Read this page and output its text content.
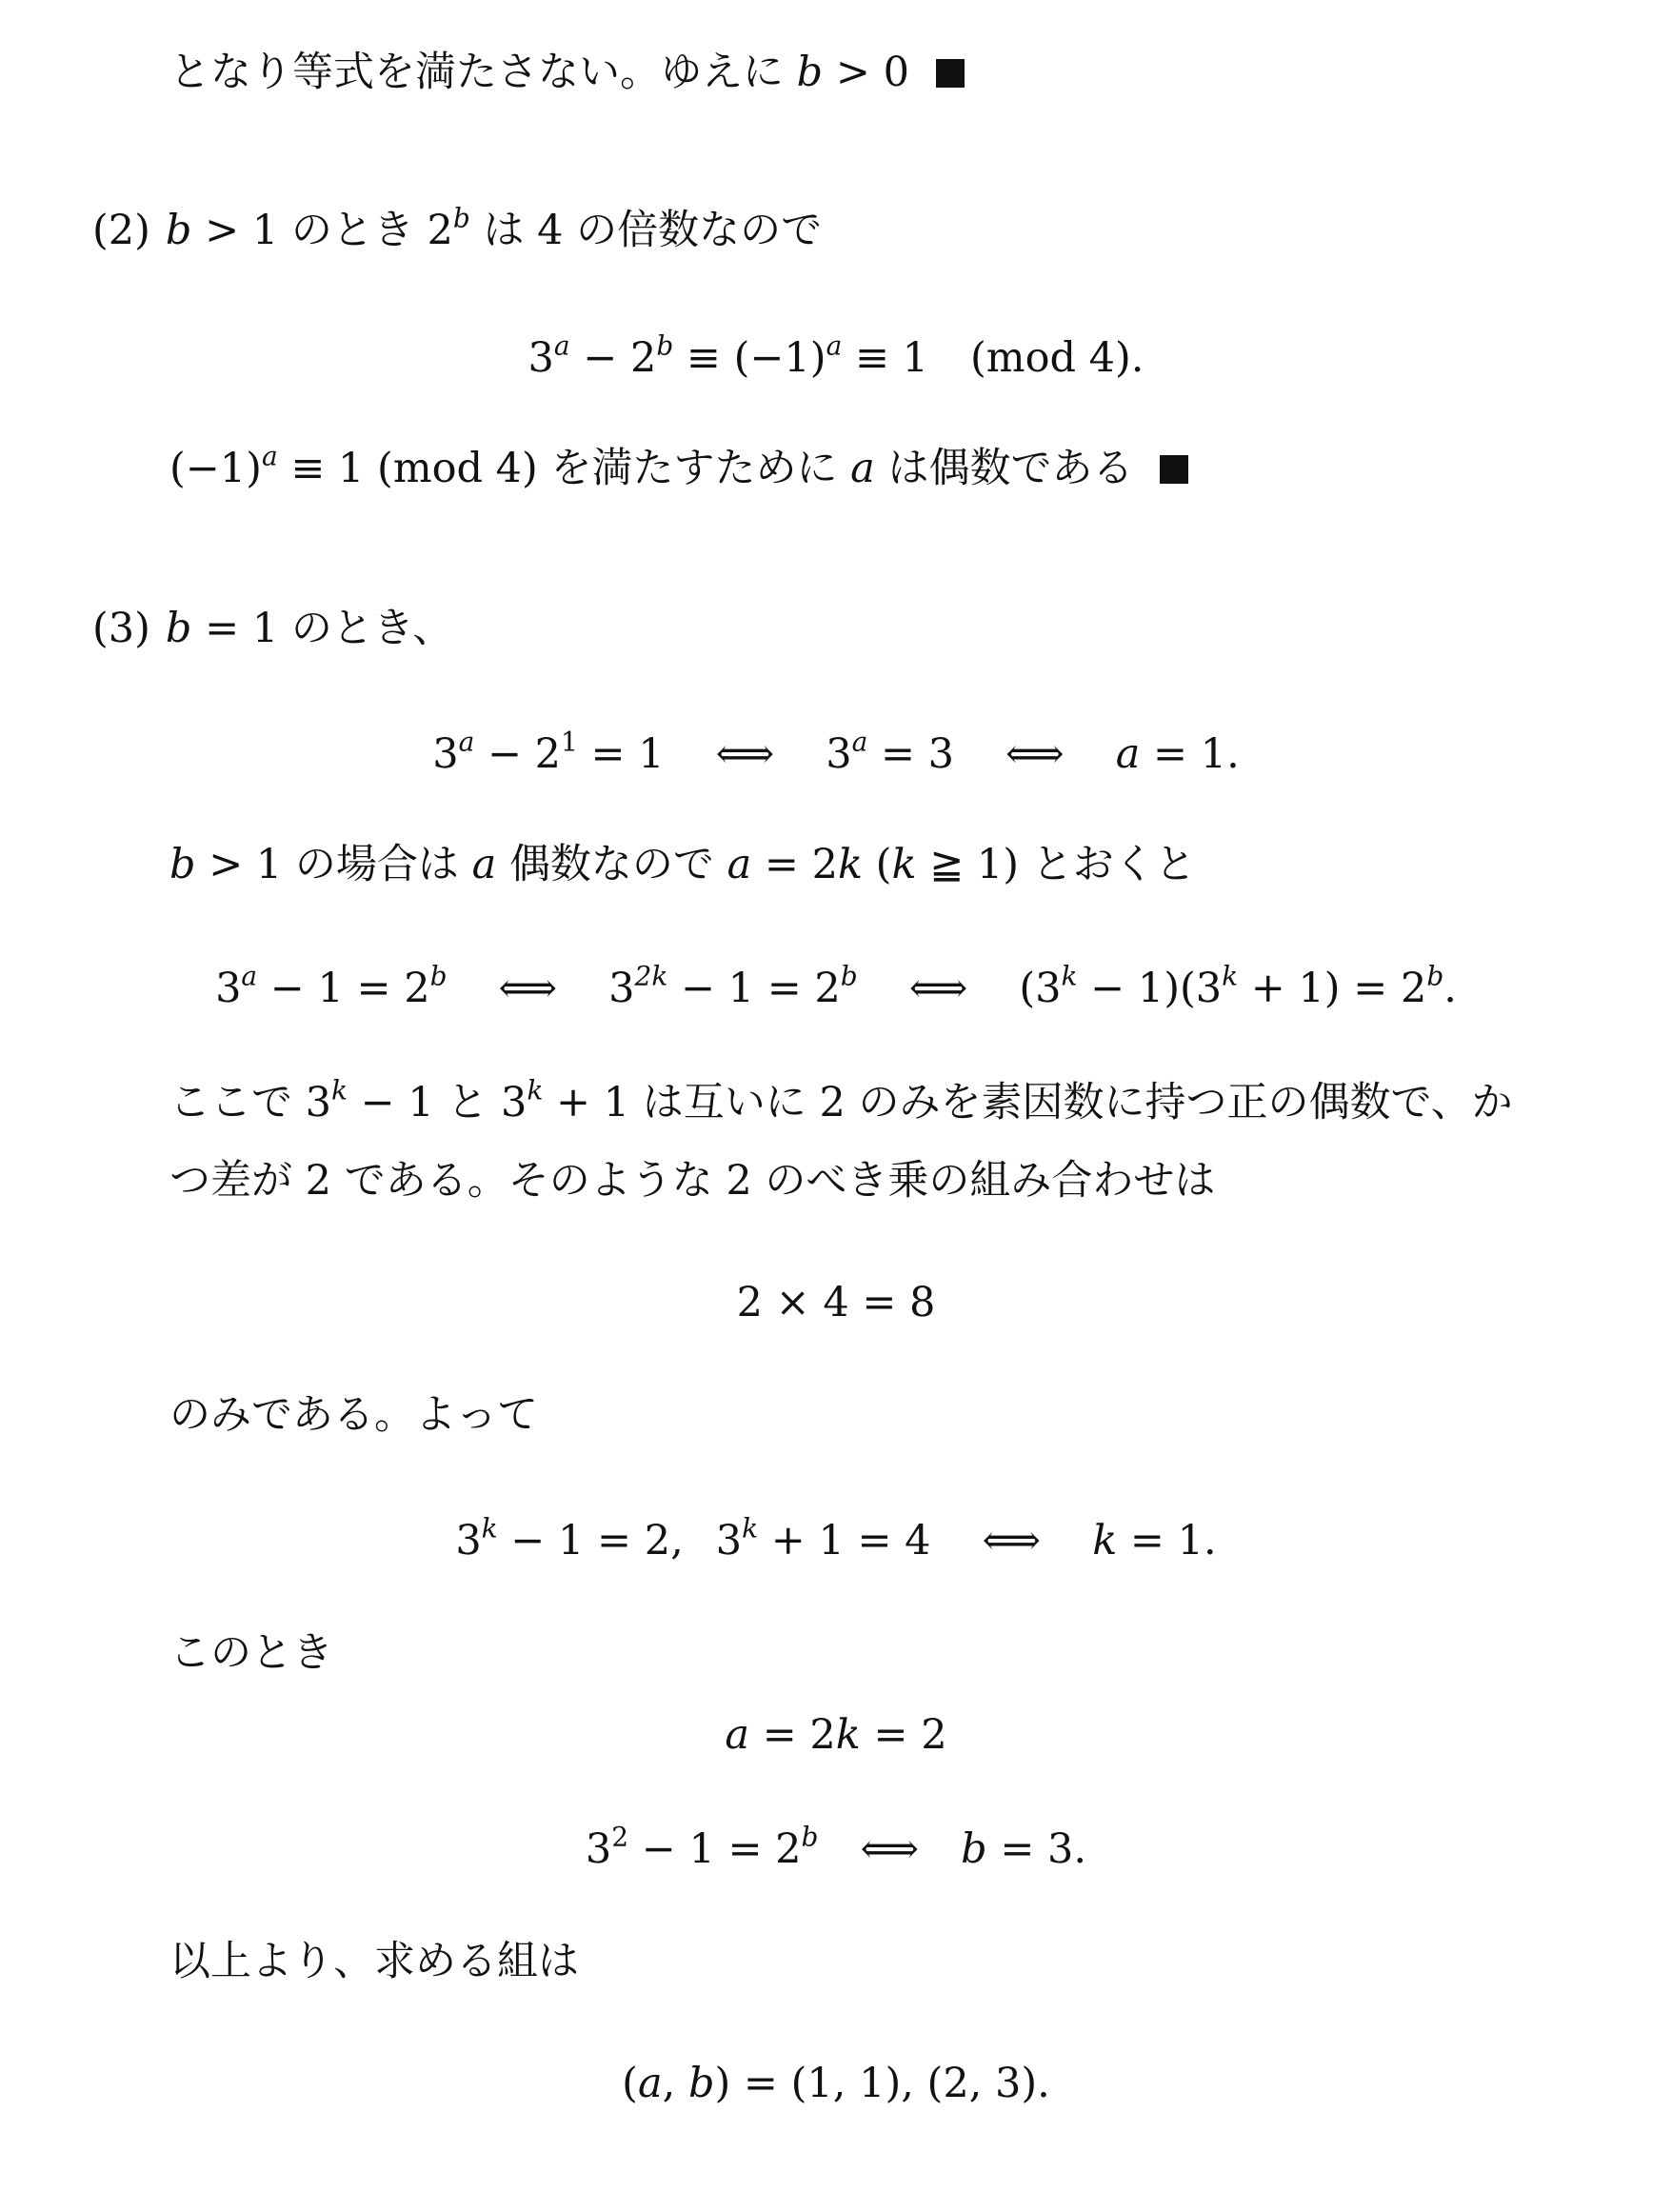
となり等式を満たさない。ゆえに b > 0
(2) b > 1 のとき 2$^b$ は 4 の倍数なので
$3^a - 2^b \equiv (-1)^a \equiv 1$ (mod 4).
$(-1)^a \equiv 1$ (mod 4) を満たすために a は偶数である
(3) b = 1 のとき、
$3^a - 2^1 = 1$ ⟺ $3^a = 3$ ⟺ a = 1.
b > 1 の場合は a 偶数なので a = 2k (k ≧ 1) とおくと
$3^a - 1 = 2^b$ ⟺ $3^{2k} - 1 = 2^b$ ⟺ $(3^k - 1)(3^k + 1) = 2^b$.
ここで $3^k - 1$ と $3^k + 1$ は互いに 2 のみを素因数に持つ正の偶数で、か
つ差が 2 である。そのような 2 のべき乗の組み合わせは
2 × 4 = 8
のみである。よって
$3^k - 1 = 2$, $3^k + 1 = 4$ ⟺ k = 1.
このとき
a = 2k = 2
$3^2 - 1 = 2^b$ ⟺ b = 3.
以上より、求める組は
(a, b) = (1, 1), (2, 3).
